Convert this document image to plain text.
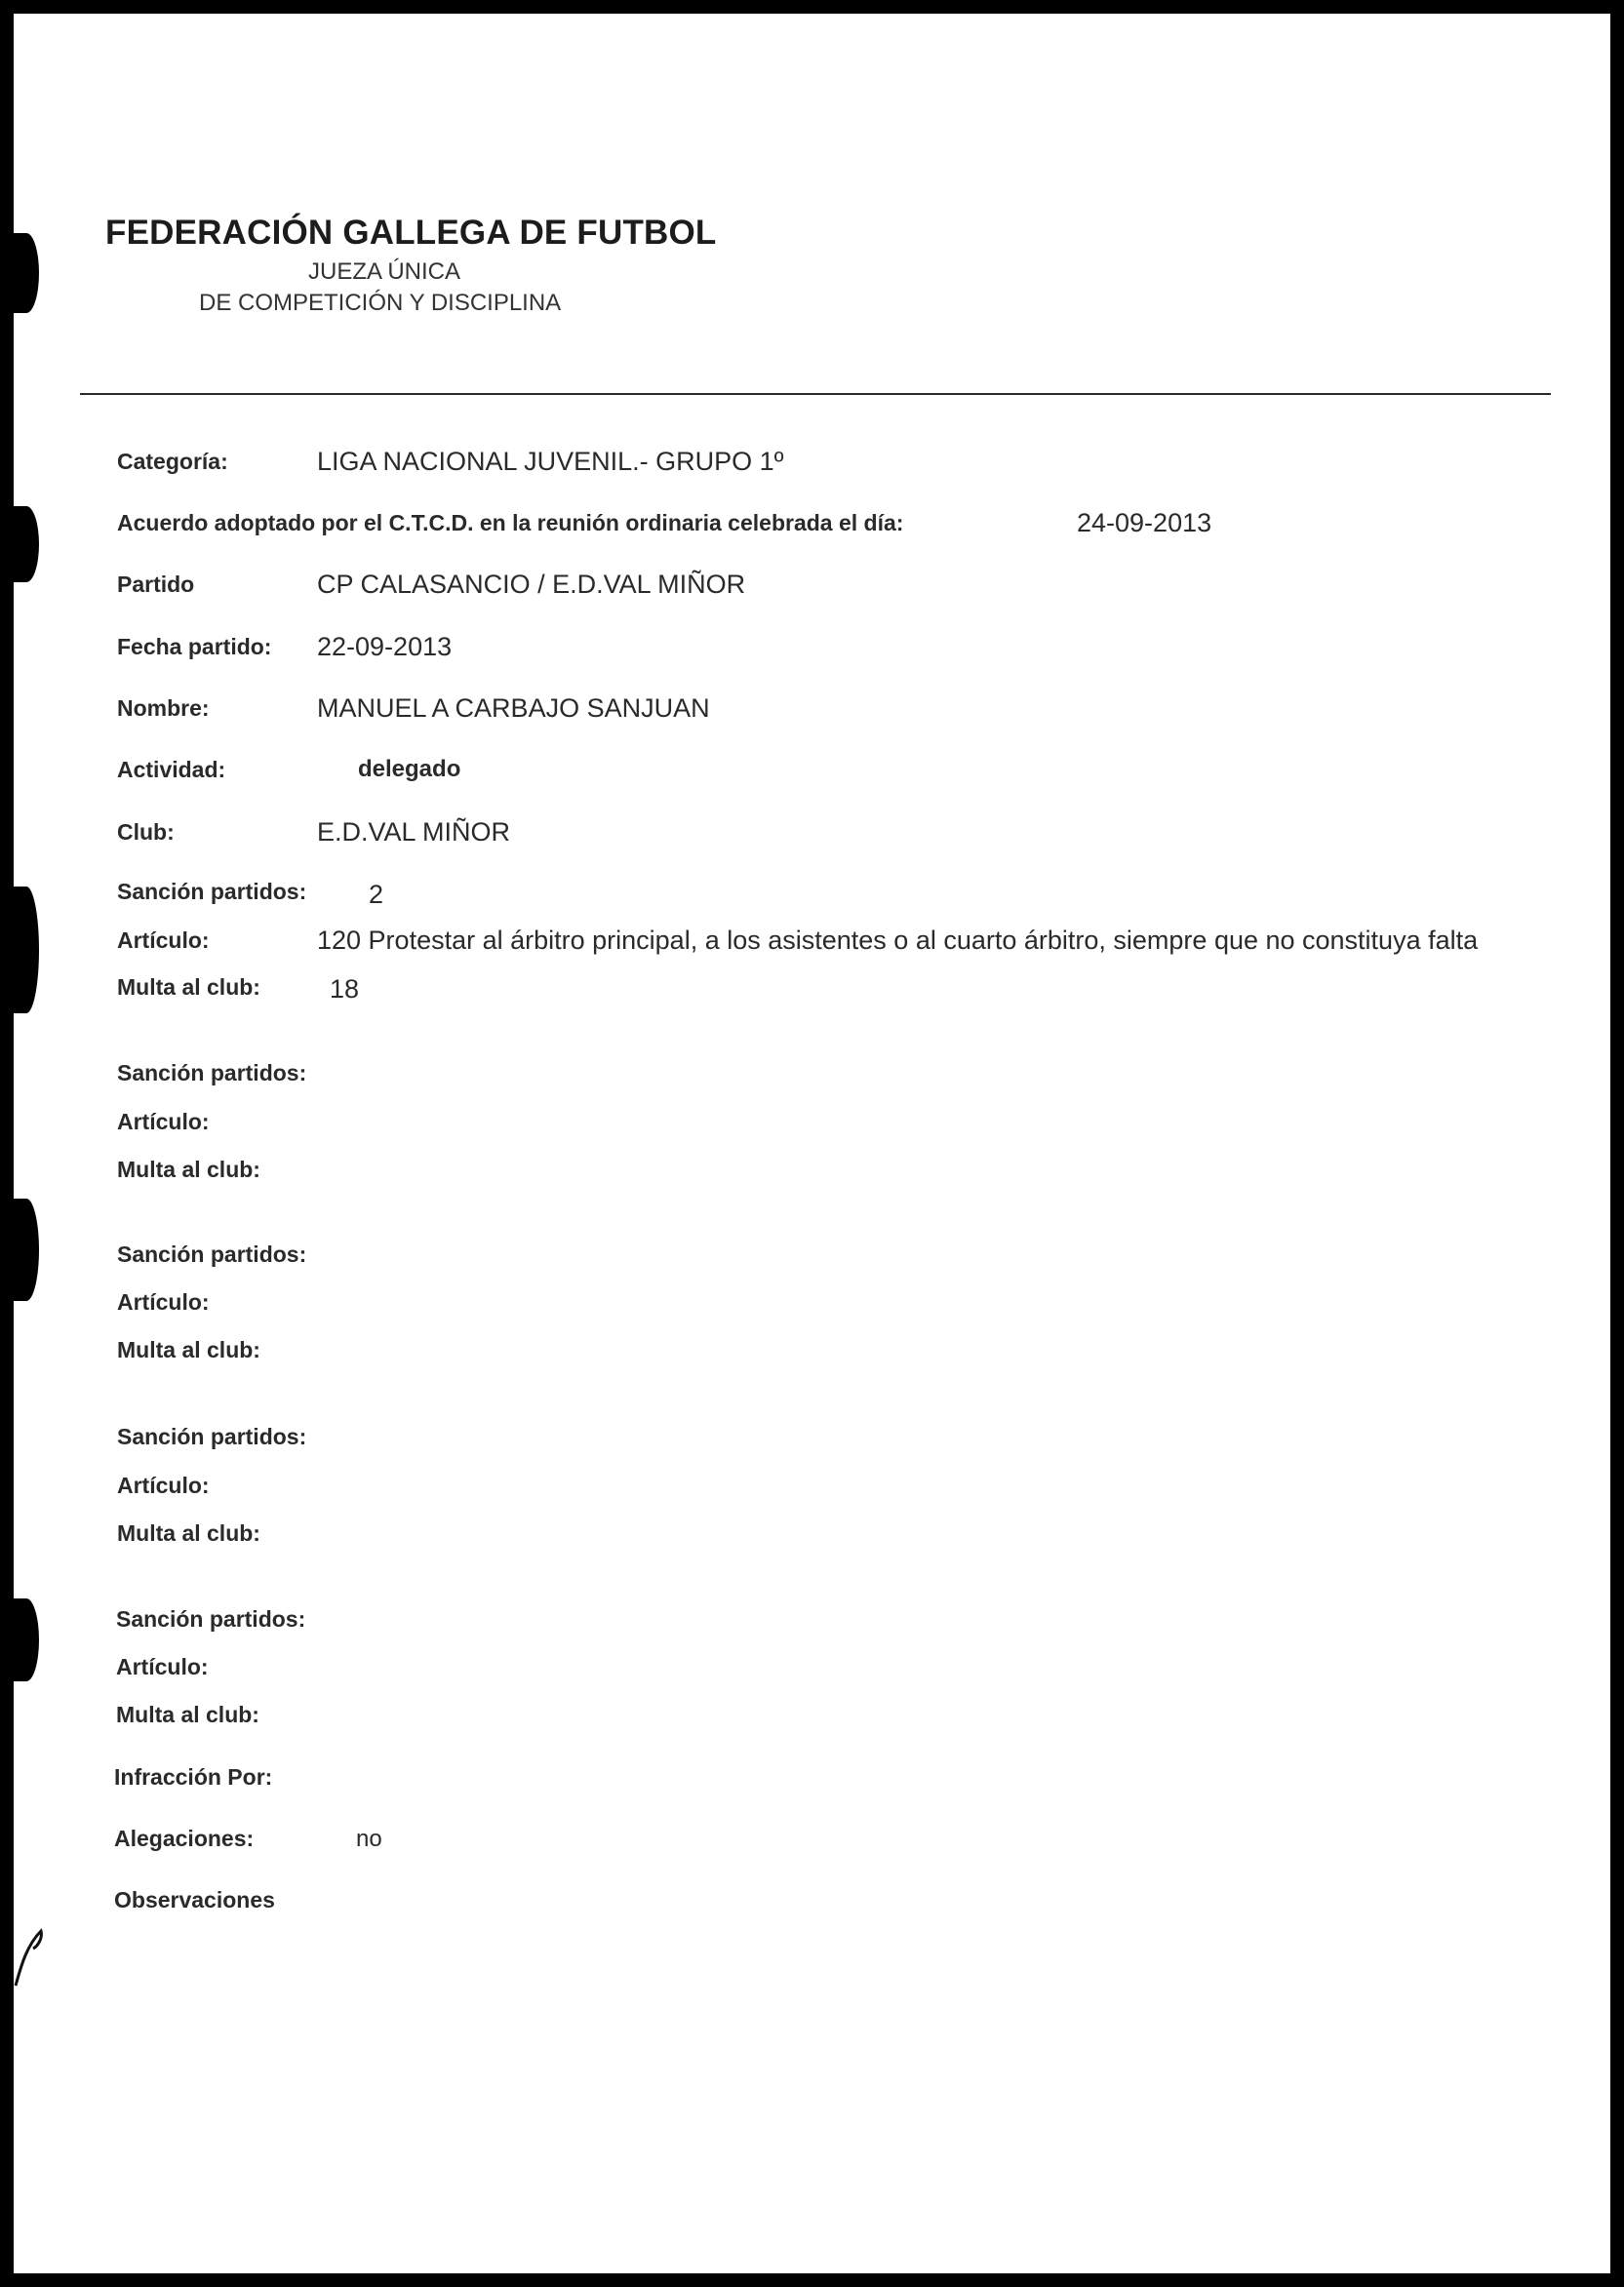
FEDERACIÓN GALLEGA DE FUTBOL
JUEZA ÚNICA
DE COMPETICIÓN Y DISCIPLINA
Categoría:	LIGA NACIONAL JUVENIL.- GRUPO 1º
Acuerdo adoptado por el C.T.C.D. en la reunión ordinaria celebrada el día:	24-09-2013
Partido	CP CALASANCIO / E.D.VAL MIÑOR
Fecha partido: 22-09-2013
Nombre:	MANUEL A CARBAJO SANJUAN
Actividad:	delegado
Club:	E.D.VAL MIÑOR
Sanción partidos: 2
Artículo:	120 Protestar al árbitro principal, a los asistentes o al cuarto árbitro, siempre que no constituya falta
Multa al club:	18
Sanción partidos:
Artículo:
Multa al club:
Sanción partidos:
Artículo:
Multa al club:
Sanción partidos:
Artículo:
Multa al club:
Sanción partidos:
Artículo:
Multa al club:
Infracción Por:
Alegaciones:	no
Observaciones
